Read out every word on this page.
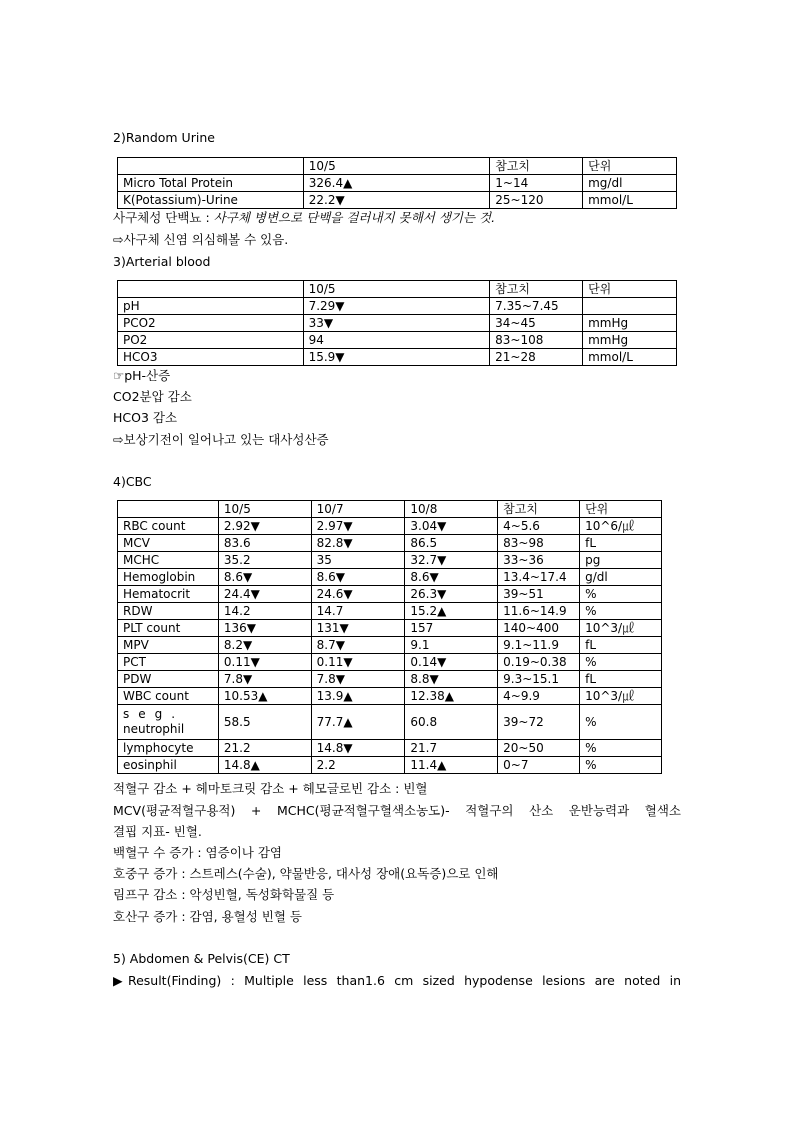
2)Random Urine
	10/5	참고치	단위
Micro Total Protein	326.4▲	1~14	mg/dl
K(Potassium)-Urine	22.2▼	25~120	mmol/L
사구체성 단백뇨 : 사구체 병변으로 단백을 걸러내지 못해서 생기는 것.
⇨사구체 신염 의심해볼 수 있음.
3)Arterial blood
	10/5	참고치	단위
pH	7.29▼	7.35~7.45	
PCO2	33▼	34~45	mmHg
PO2	94	83~108	mmHg
HCO3	15.9▼	21~28	mmol/L
☞pH-산증
CO2분압 감소
HCO3 감소
⇨보상기전이 일어나고 있는 대사성산증
4)CBC
	10/5	10/7	10/8	참고치	단위
RBC count	2.92▼	2.97▼	3.04▼	4~5.6	10^6/㎕
MCV	83.6	82.8▼	86.5	83~98	fL
MCHC	35.2	35	32.7▼	33~36	pg
Hemoglobin	8.6▼	8.6▼	8.6▼	13.4~17.4	g/dl
Hematocrit	24.4▼	24.6▼	26.3▼	39~51	%
RDW	14.2	14.7	15.2▲	11.6~14.9	%
PLT count	136▼	131▼	157	140~400	10^3/㎕
MPV	8.2▼	8.7▼	9.1	9.1~11.9	fL
PCT	0.11▼	0.11▼	0.14▼	0.19~0.38	%
PDW	7.8▼	7.8▼	8.8▼	9.3~15.1	fL
WBC count	10.53▲	13.9▲	12.38▲	4~9.9	10^3/㎕

seg.
neutrophil	58.5	77.7▲	60.8	39~72	%
lymphocyte	21.2	14.8▼	21.7	20~50	%
eosinphil	14.8▲	2.2	11.4▲	0~7	%
적혈구 감소 + 헤마토크릿 감소 + 헤모글로빈 감소 : 빈혈
MCV(평균적혈구용적) + MCHC(평균적혈구혈색소농도)- 적혈구의 산소 운반능력과 혈색소
결핍 지표- 빈혈.
백혈구 수 증가 : 염증이나 감염
호중구 증가 : 스트레스(수술), 약물반응, 대사성 장애(요독증)으로 인해
림프구 감소 : 악성빈혈, 독성화학물질 등
호산구 증가 : 감염, 용혈성 빈혈 등
5) Abdomen & Pelvis(CE) CT
▶Result(Finding) : Multiple less than1.6 cm sized hypodense lesions are noted in
